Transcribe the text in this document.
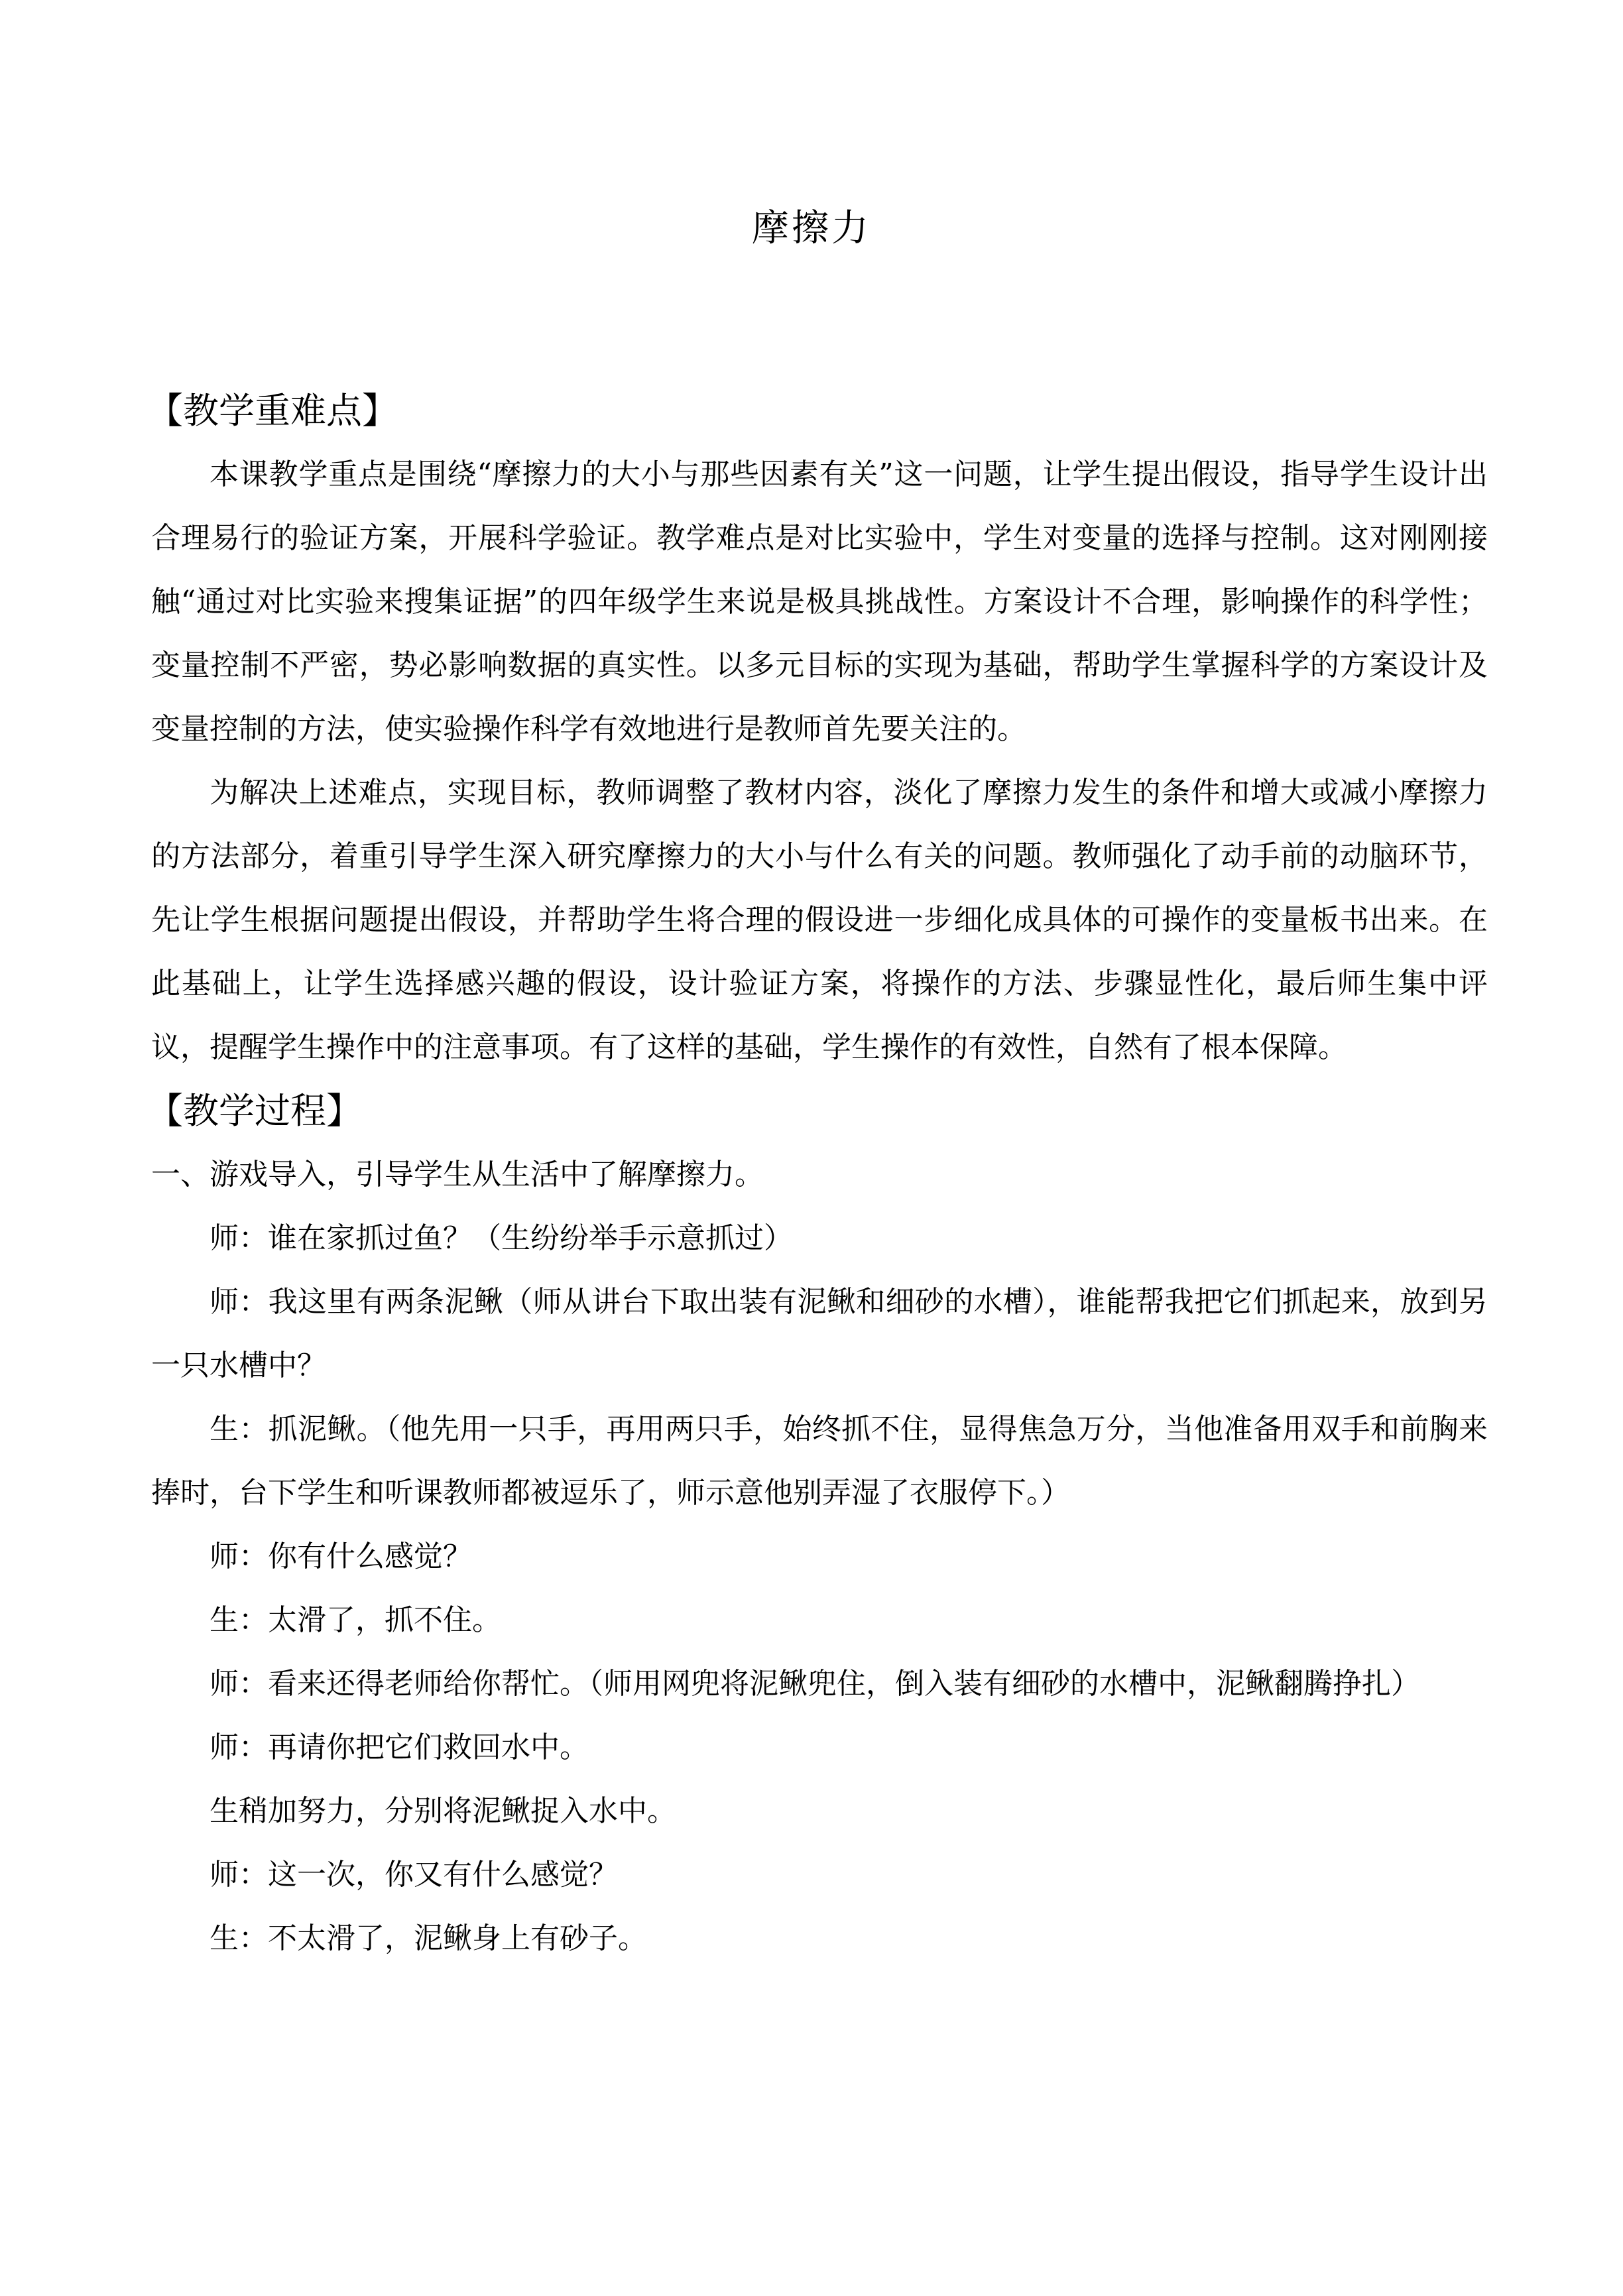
摩擦力
【教学重难点】

本课教学重点是围绕“摩擦力的大小与那些因素有关”这一问题，让学生提出假设，指导学生设计出合理易行的验证方案，开展科学验证。教学难点是对比实验中，学生对变量的选择与控制。这对刚刚接触“通过对比实验来搜集证据”的四年级学生来说是极具挑战性。方案设计不合理，影响操作的科学性；变量控制不严密，势必影响数据的真实性。以多元目标的实现为基础，帮助学生掌握科学的方案设计及变量控制的方法，使实验操作科学有效地进行是教师首先要关注的。

为解决上述难点，实现目标，教师调整了教材内容，淡化了摩擦力发生的条件和增大或减小摩擦力的方法部分，着重引导学生深入研究摩擦力的大小与什么有关的问题。教师强化了动手前的动脑环节，先让学生根据问题提出假设，并帮助学生将合理的假设进一步细化成具体的可操作的变量板书出来。在此基础上，让学生选择感兴趣的假设，设计验证方案，将操作的方法、步骤显性化，最后师生集中评议，提醒学生操作中的注意事项。有了这样的基础，学生操作的有效性，自然有了根本保障。

【教学过程】

一、游戏导入，引导学生从生活中了解摩擦力。

师：谁在家抓过鱼？（生纷纷举手示意抓过）

师：我这里有两条泥鳅（师从讲台下取出装有泥鳅和细砂的水槽），谁能帮我把它们抓起来，放到另一只水槽中？

生：抓泥鳅。（他先用一只手，再用两只手，始终抓不住，显得焦急万分，当他准备用双手和前胸来捧时，台下学生和听课教师都被逗乐了，师示意他别弄湿了衣服停下。）

师：你有什么感觉？

生：太滑了，抓不住。

师：看来还得老师给你帮忙。（师用网兜将泥鳅兜住，倒入装有细砂的水槽中，泥鳅翻腾挣扎）

师：再请你把它们救回水中。

生稍加努力，分别将泥鳅捉入水中。

师：这一次，你又有什么感觉？

生：不太滑了，泥鳅身上有砂子。
